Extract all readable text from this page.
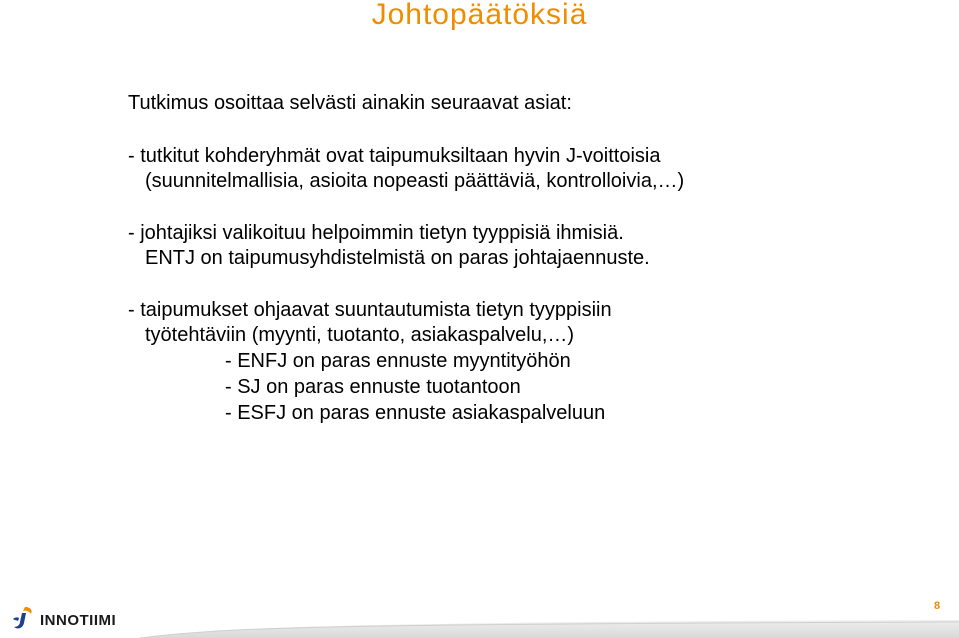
Johtopäätöksiä
Tutkimus osoittaa selvästi ainakin seuraavat asiat:
- tutkitut kohderyhmät ovat taipumuksiltaan hyvin J-voittoisia
(suunnitelmallisia, asioita nopeasti päättäviä, kontrolloivia,…)
- johtajiksi valikoituu helpoimmin tietyn tyyppisiä ihmisiä.
ENTJ on taipumusyhdistelmistä on paras johtajaennuste.
- taipumukset ohjaavat suuntautumista tietyn tyyppisiin
työtehtäviin (myynti, tuotanto, asiakaspalvelu,…)
- ENFJ on paras ennuste myyntityöhön
- SJ on paras ennuste tuotantoon
- ESFJ on paras ennuste asiakaspalveluun
INNOTIIMI
8
